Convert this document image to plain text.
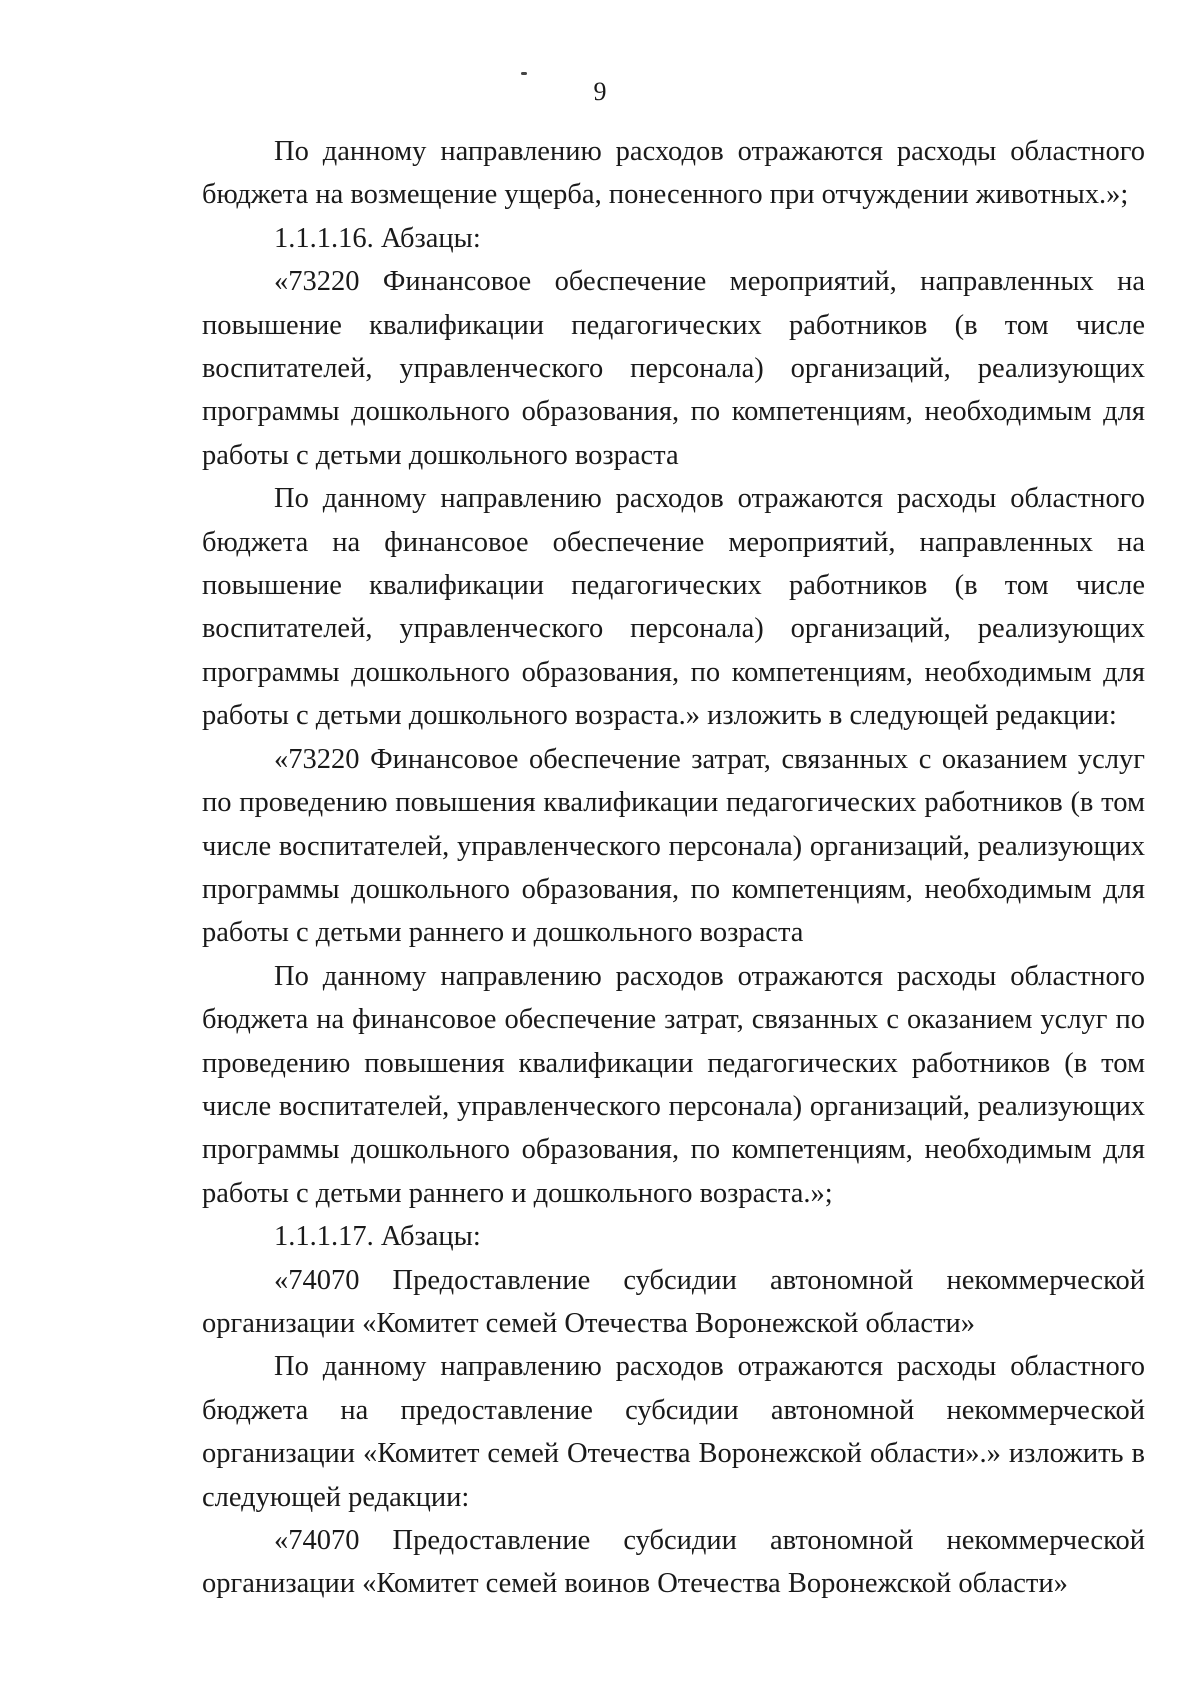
9

По данному направлению расходов отражаются расходы областного бюджета на возмещение ущерба, понесенного при отчуждении животных.»;

1.1.1.16. Абзацы:

«73220 Финансовое обеспечение мероприятий, направленных на повышение квалификации педагогических работников (в том числе воспитателей, управленческого персонала) организаций, реализующих программы дошкольного образования, по компетенциям, необходимым для работы с детьми дошкольного возраста

По данному направлению расходов отражаются расходы областного бюджета на финансовое обеспечение мероприятий, направленных на повышение квалификации педагогических работников (в том числе воспитателей, управленческого персонала) организаций, реализующих программы дошкольного образования, по компетенциям, необходимым для работы с детьми дошкольного возраста.» изложить в следующей редакции:

«73220 Финансовое обеспечение затрат, связанных с оказанием услуг по проведению повышения квалификации педагогических работников (в том числе воспитателей, управленческого персонала) организаций, реализующих программы дошкольного образования, по компетенциям, необходимым для работы с детьми раннего и дошкольного возраста

По данному направлению расходов отражаются расходы областного бюджета на финансовое обеспечение затрат, связанных с оказанием услуг по проведению повышения квалификации педагогических работников (в том числе воспитателей, управленческого персонала) организаций, реализующих программы дошкольного образования, по компетенциям, необходимым для работы с детьми раннего и дошкольного возраста.»;

1.1.1.17. Абзацы:

«74070 Предоставление субсидии автономной некоммерческой организации «Комитет семей Отечества Воронежской области»

По данному направлению расходов отражаются расходы областного бюджета на предоставление субсидии автономной некоммерческой организации «Комитет семей Отечества Воронежской области».» изложить в следующей редакции:

«74070 Предоставление субсидии автономной некоммерческой организации «Комитет семей воинов Отечества Воронежской области»
